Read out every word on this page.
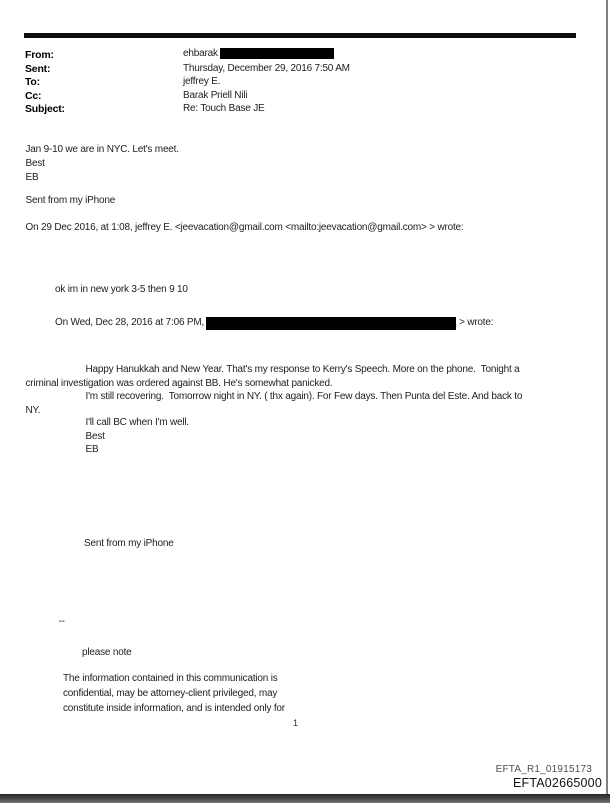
From:	ehbarak
Sent:	Thursday, December 29, 2016 7:50 AM
To:	jeffrey E.
Cc:	Barak Priell Nili
Subject:	Re: Touch Base JE
Jan 9-10 we are in NYC. Let's meet.
Best
EB
Sent from my iPhone
On 29 Dec 2016, at 1:08, jeffrey E. <jeevacation@gmail.com <mailto:jeevacation@gmail.com> > wrote:
ok im in new york 3-5 then 9 10
On Wed, Dec 28, 2016 at 7:06 PM,	> wrote:
Happy Hanukkah and New Year. That's my response to Kerry's Speech. More on the phone.  Tonight a
criminal investigation was ordered against BB. He's somewhat panicked.
I'm still recovering.  Tomorrow night in NY. ( thx again). For Few days. Then Punta del Este. And back to
NY.
I'll call BC when I'm well.
Best
EB
Sent from my iPhone
--
please note
The information contained in this communication is
confidential, may be attorney-client privileged, may
constitute inside information, and is intended only for
1
EFTA_R1_01915173
EFTA02665000
